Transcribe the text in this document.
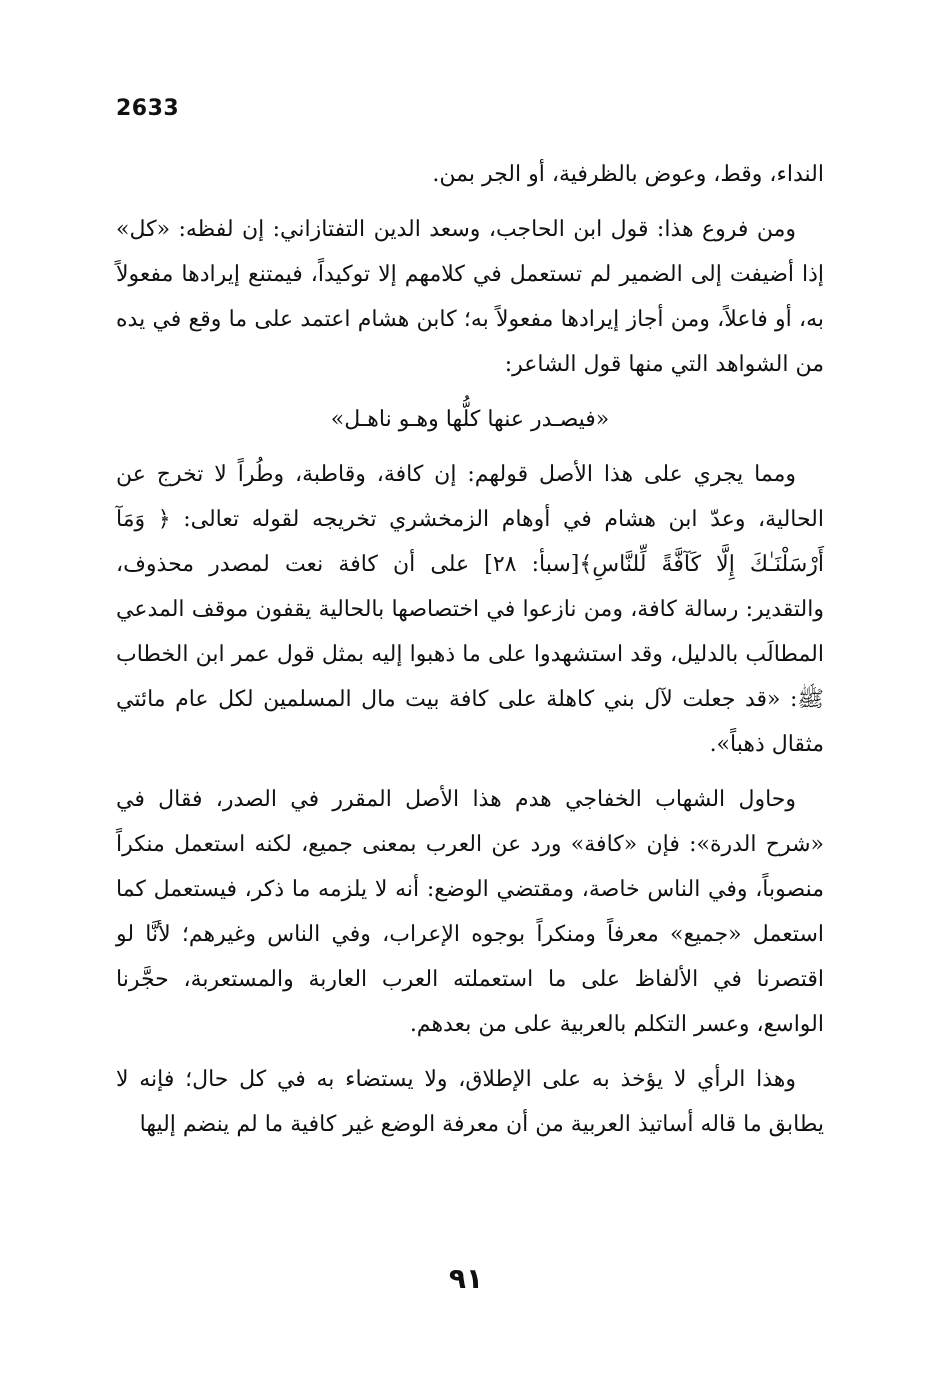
2633

النداء، وقط، وعوض بالظرفية، أو الجر بمن.

ومن فروع هذا: قول ابن الحاجب، وسعد الدين التفتازاني: إن لفظه: «كل» إذا أضيفت إلى الضمير لم تستعمل في كلامهم إلا توكيداً، فيمتنع إيرادها مفعولاً به، أو فاعلاً، ومن أجاز إيرادها مفعولاً به؛ كابن هشام اعتمد على ما وقع في يده من الشواهد التي منها قول الشاعر:

«فيصـدر عنها كلُّها وهـو ناهـل»

ومما يجري على هذا الأصل قولهم: إن كافة، وقاطبة، وطُراً لا تخرج عن الحالية، وعدّ ابن هشام في أوهام الزمخشري تخريجه لقوله تعالى: ﴿ وَمَآ أَرْسَلْنَـٰكَ إِلَّا كَآفَّةً لِّلنَّاسِ﴾[سبأ: ٢٨] على أن كافة نعت لمصدر محذوف، والتقدير: رسالة كافة، ومن نازعوا في اختصاصها بالحالية يقفون موقف المدعي المطالَب بالدليل، وقد استشهدوا على ما ذهبوا إليه بمثل قول عمر ابن الخطاب ﷺ: «قد جعلت لآل بني كاهلة على كافة بيت مال المسلمين لكل عام مائتي مثقال ذهباً».

وحاول الشهاب الخفاجي هدم هذا الأصل المقرر في الصدر، فقال في «شرح الدرة»: فإن «كافة» ورد عن العرب بمعنى جميع، لكنه استعمل منكراً منصوباً، وفي الناس خاصة، ومقتضي الوضع: أنه لا يلزمه ما ذكر، فيستعمل كما استعمل «جميع» معرفاً ومنكراً بوجوه الإعراب، وفي الناس وغيرهم؛ لأنَّا لو اقتصرنا في الألفاظ على ما استعملته العرب العاربة والمستعربة، حجَّرنا الواسع، وعسر التكلم بالعربية على من بعدهم.

وهذا الرأي لا يؤخذ به على الإطلاق، ولا يستضاء به في كل حال؛ فإنه لا يطابق ما قاله أساتيذ العربية من أن معرفة الوضع غير كافية ما لم ينضم إليها

٩١
